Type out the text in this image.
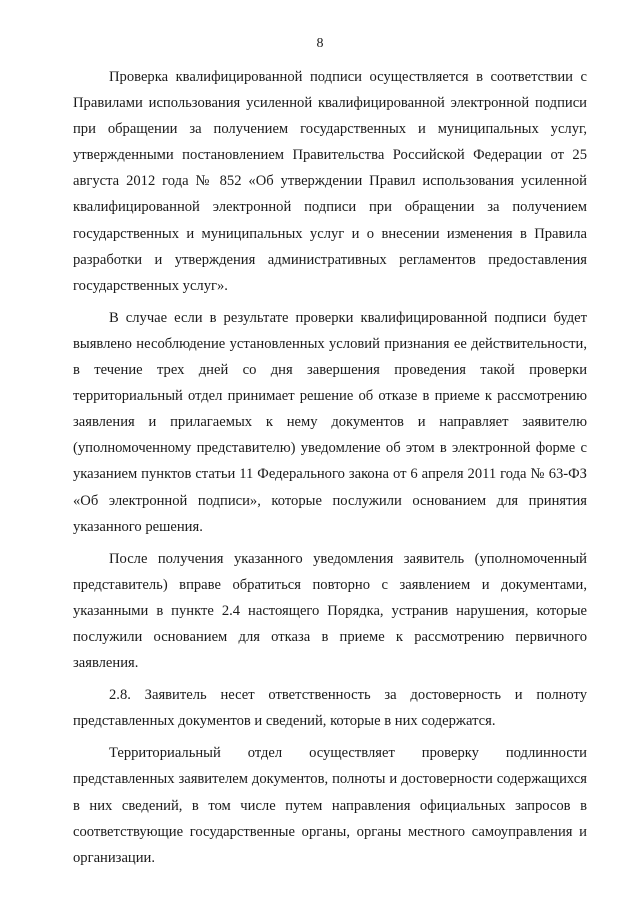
8

Проверка квалифицированной подписи осуществляется в соответствии с Правилами использования усиленной квалифицированной электронной подписи при обращении за получением государственных и муниципальных услуг, утвержденными постановлением Правительства Российской Федерации от 25 августа 2012 года № 852 «Об утверждении Правил использования усиленной квалифицированной электронной подписи при обращении за получением государственных и муниципальных услуг и о внесении изменения в Правила разработки и утверждения административных регламентов предоставления государственных услуг».

В случае если в результате проверки квалифицированной подписи будет выявлено несоблюдение установленных условий признания ее действительности, в течение трех дней со дня завершения проведения такой проверки территориальный отдел принимает решение об отказе в приеме к рассмотрению заявления и прилагаемых к нему документов и направляет заявителю (уполномоченному представителю) уведомление об этом в электронной форме с указанием пунктов статьи 11 Федерального закона от 6 апреля 2011 года № 63-ФЗ «Об электронной подписи», которые послужили основанием для принятия указанного решения.

После получения указанного уведомления заявитель (уполномоченный представитель) вправе обратиться повторно с заявлением и документами, указанными в пункте 2.4 настоящего Порядка, устранив нарушения, которые послужили основанием для отказа в приеме к рассмотрению первичного заявления.

2.8. Заявитель несет ответственность за достоверность и полноту представленных документов и сведений, которые в них содержатся.

Территориальный отдел осуществляет проверку подлинности представленных заявителем документов, полноты и достоверности содержащихся в них сведений, в том числе путем направления официальных запросов в соответствующие государственные органы, органы местного самоуправления и организации.
